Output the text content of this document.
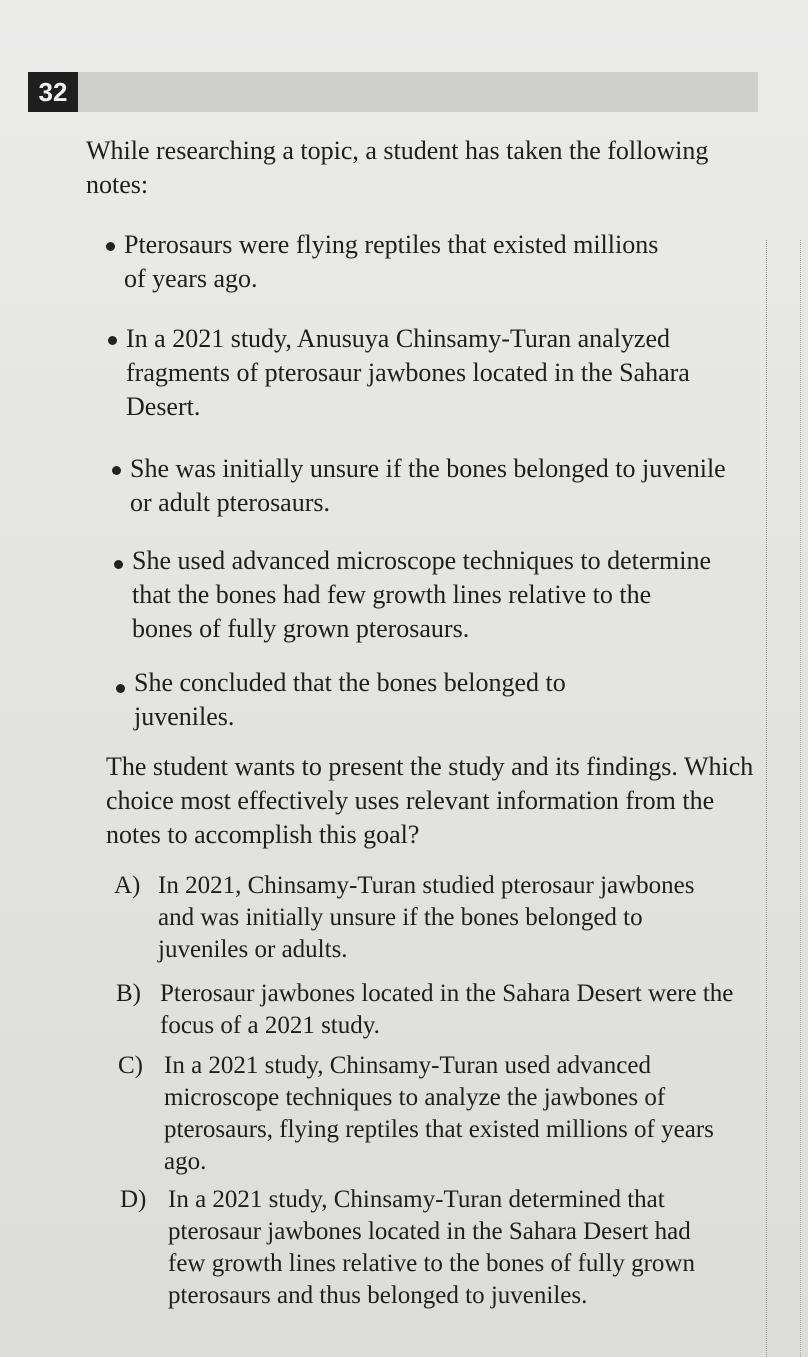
32
While researching a topic, a student has taken the following notes:
Pterosaurs were flying reptiles that existed millions of years ago.
In a 2021 study, Anusuya Chinsamy-Turan analyzed fragments of pterosaur jawbones located in the Sahara Desert.
She was initially unsure if the bones belonged to juvenile or adult pterosaurs.
She used advanced microscope techniques to determine that the bones had few growth lines relative to the bones of fully grown pterosaurs.
She concluded that the bones belonged to juveniles.
The student wants to present the study and its findings. Which choice most effectively uses relevant information from the notes to accomplish this goal?
A) In 2021, Chinsamy-Turan studied pterosaur jawbones and was initially unsure if the bones belonged to juveniles or adults.
B) Pterosaur jawbones located in the Sahara Desert were the focus of a 2021 study.
C) In a 2021 study, Chinsamy-Turan used advanced microscope techniques to analyze the jawbones of pterosaurs, flying reptiles that existed millions of years ago.
D) In a 2021 study, Chinsamy-Turan determined that pterosaur jawbones located in the Sahara Desert had few growth lines relative to the bones of fully grown pterosaurs and thus belonged to juveniles.
